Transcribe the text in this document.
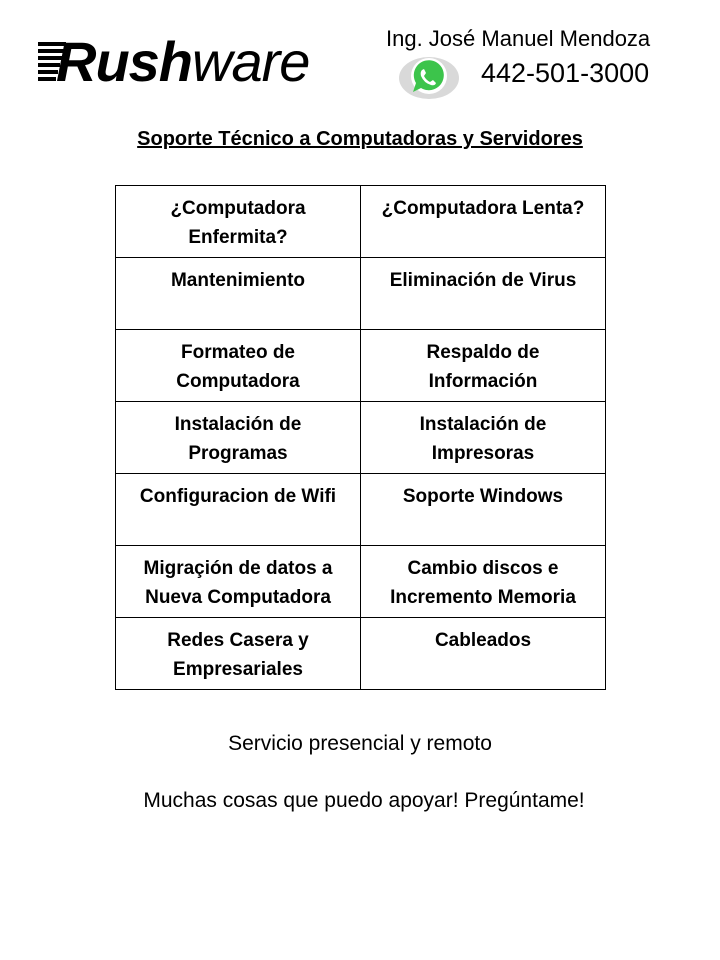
Rushware	Ing. José Manuel Mendoza
442-501-3000
Soporte Técnico a Computadoras y Servidores
¿Computadora Enfermita?	¿Computadora Lenta?
Mantenimiento	Eliminación de Virus
Formateo de Computadora	Respaldo de Información
Instalación de Programas	Instalación de Impresoras
Configuracion de Wifi	Soporte Windows
Migraçión de datos a Nueva Computadora	Cambio discos e Incremento Memoria
Redes Casera y Empresariales	Cableados
Servicio presencial y remoto
Muchas cosas que puedo apoyar! Pregúntame!
